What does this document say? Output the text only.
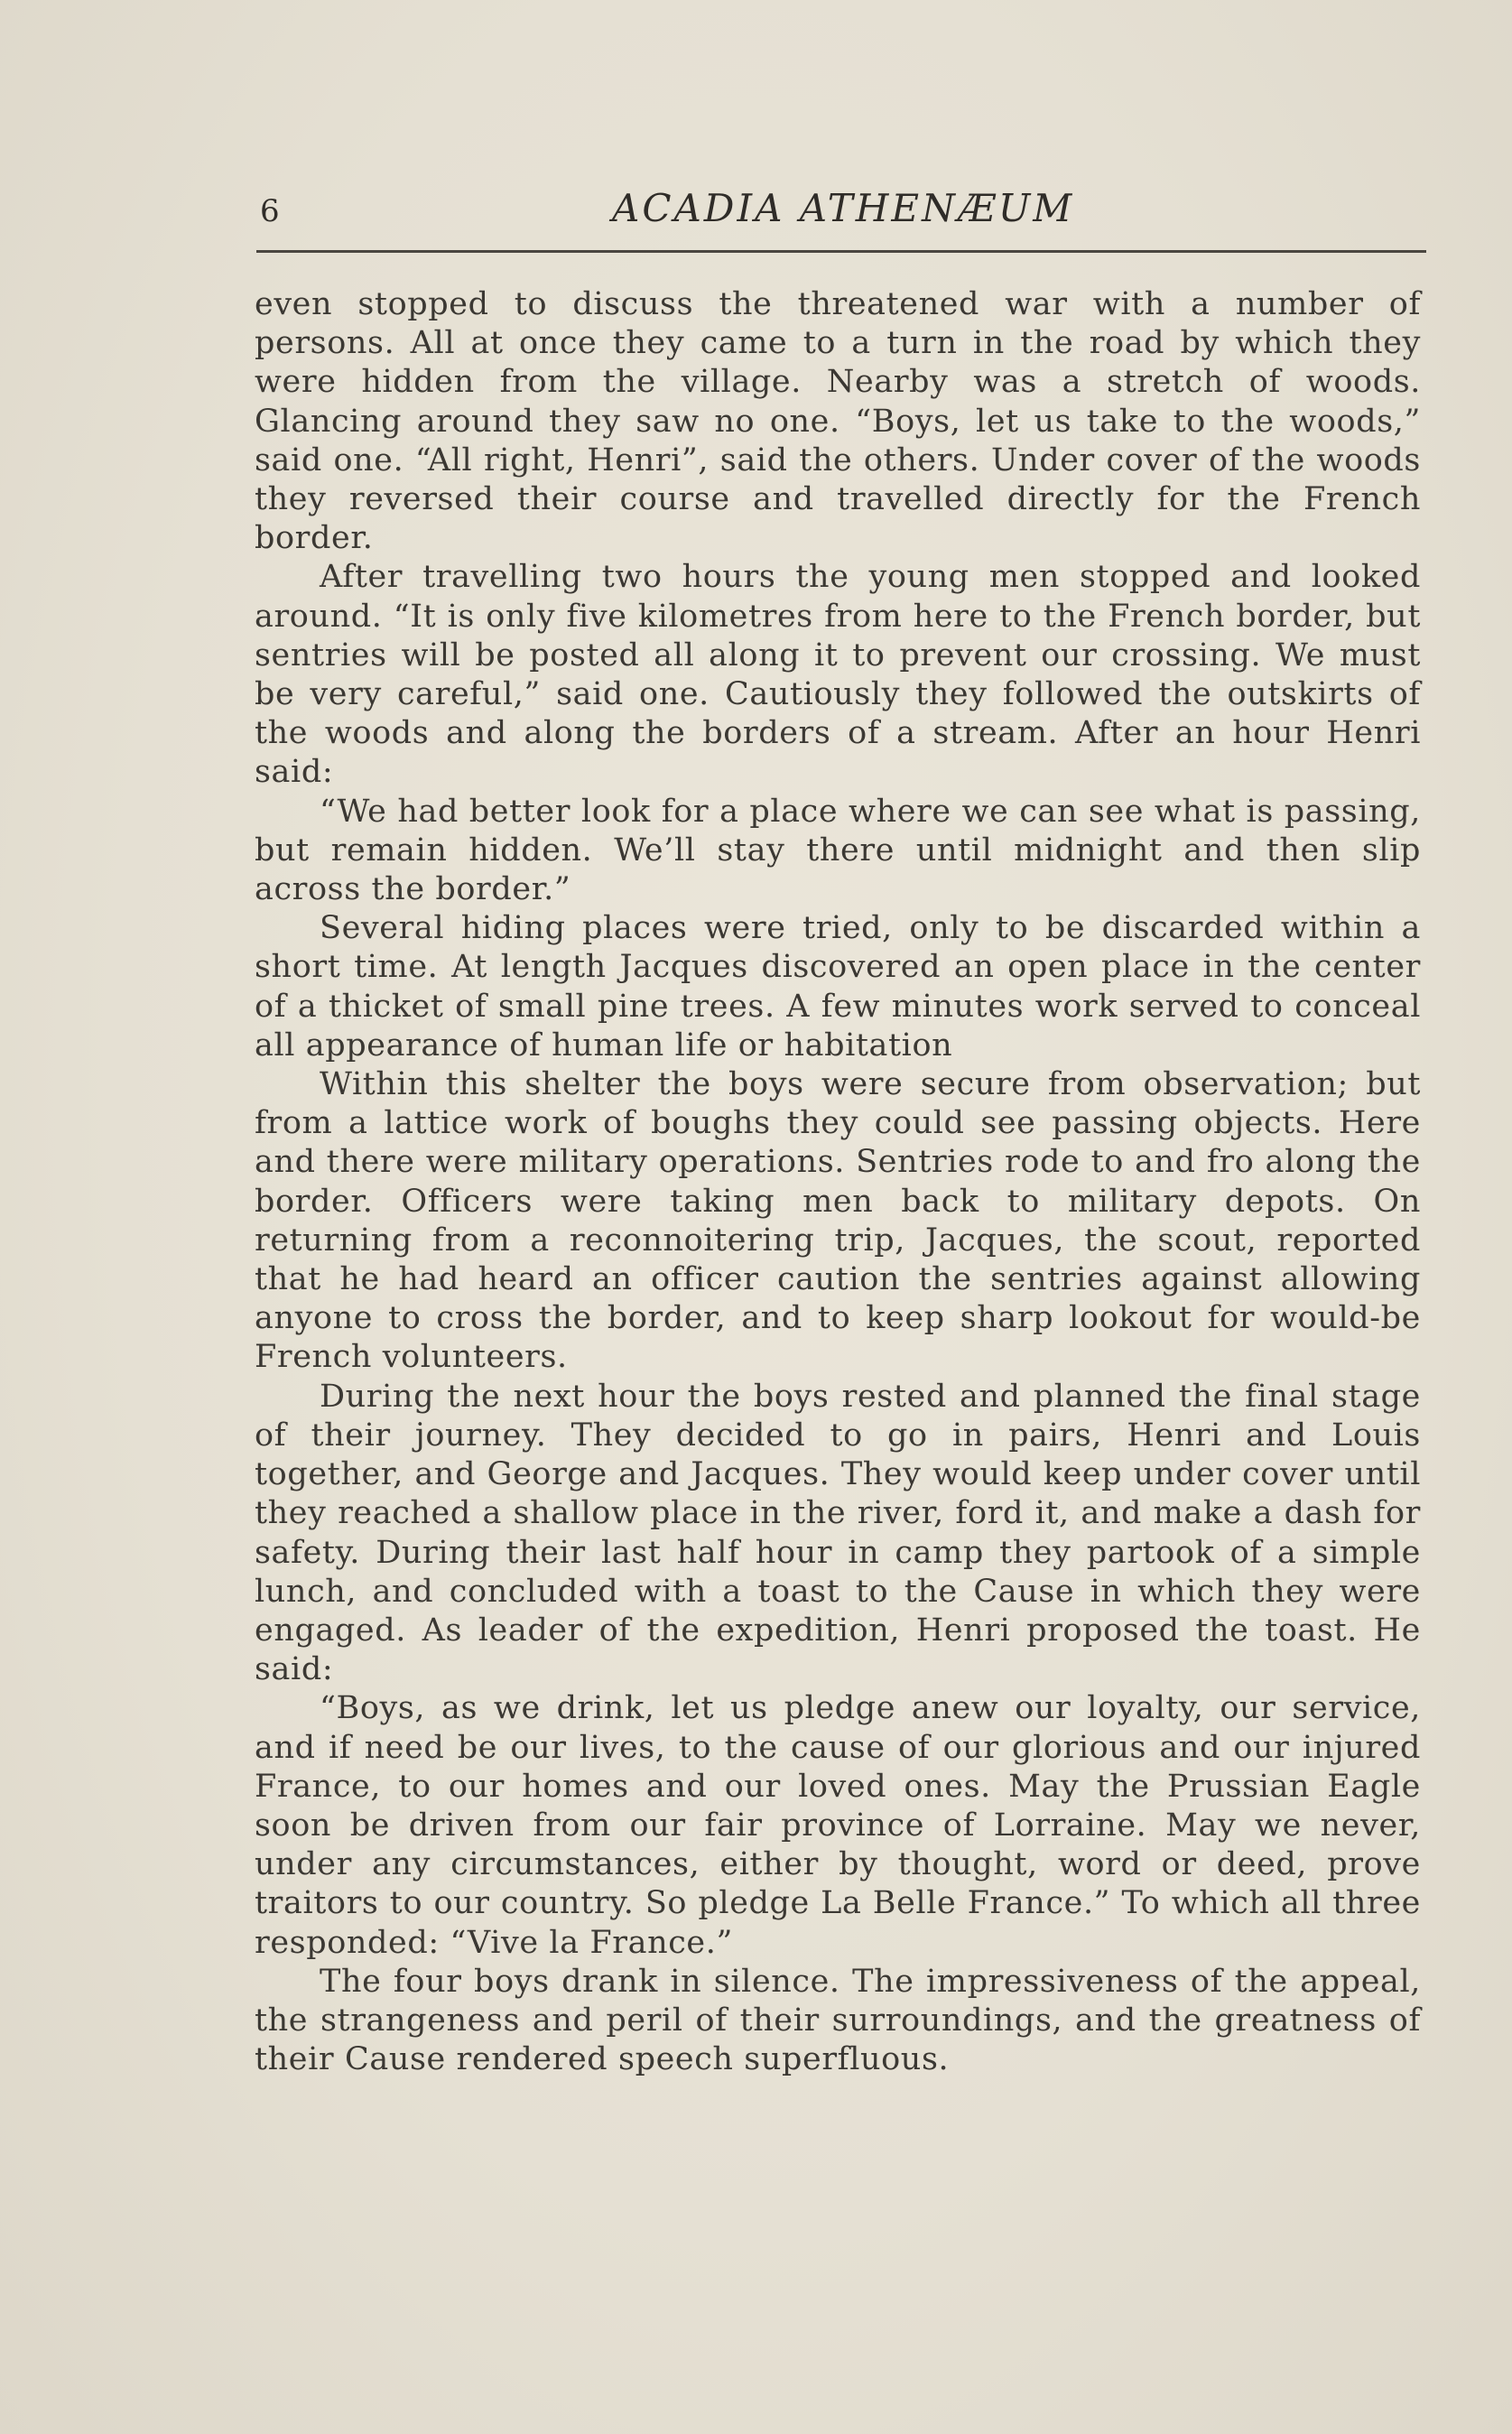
6	ACADIA ATHENÆUM

even stopped to discuss the threatened war with a number of persons. All at once they came to a turn in the road by which they were hidden from the village. Nearby was a stretch of woods. Glancing around they saw no one. “Boys, let us take to the woods,” said one. “All right, Henri”, said the others. Under cover of the woods they reversed their course and travelled directly for the French border.

After travelling two hours the young men stopped and looked around. “It is only five kilometres from here to the French border, but sentries will be posted all along it to prevent our crossing. We must be very careful,” said one. Cautiously they followed the outskirts of the woods and along the borders of a stream. After an hour Henri said:

“We had better look for a place where we can see what is passing, but remain hidden. We’ll stay there until midnight and then slip across the border.”

Several hiding places were tried, only to be discarded within a short time. At length Jacques discovered an open place in the center of a thicket of small pine trees. A few minutes work served to conceal all appearance of human life or habitation

Within this shelter the boys were secure from observation; but from a lattice work of boughs they could see passing objects. Here and there were military operations. Sentries rode to and fro along the border. Officers were taking men back to military depots. On returning from a reconnoitering trip, Jacques, the scout, reported that he had heard an officer caution the sentries against allowing anyone to cross the border, and to keep sharp lookout for would-be French volunteers.

During the next hour the boys rested and planned the final stage of their journey. They decided to go in pairs, Henri and Louis together, and George and Jacques. They would keep under cover until they reached a shallow place in the river, ford it, and make a dash for safety. During their last half hour in camp they partook of a simple lunch, and concluded with a toast to the Cause in which they were engaged. As leader of the expedition, Henri proposed the toast. He said:

“Boys, as we drink, let us pledge anew our loyalty, our service, and if need be our lives, to the cause of our glorious and our injured France, to our homes and our loved ones. May the Prussian Eagle soon be driven from our fair province of Lorraine. May we never, under any circumstances, either by thought, word or deed, prove traitors to our country. So pledge La Belle France.” To which all three responded: “Vive la France.”

The four boys drank in silence. The impressiveness of the appeal, the strangeness and peril of their surroundings, and the greatness of their Cause rendered speech superfluous.
